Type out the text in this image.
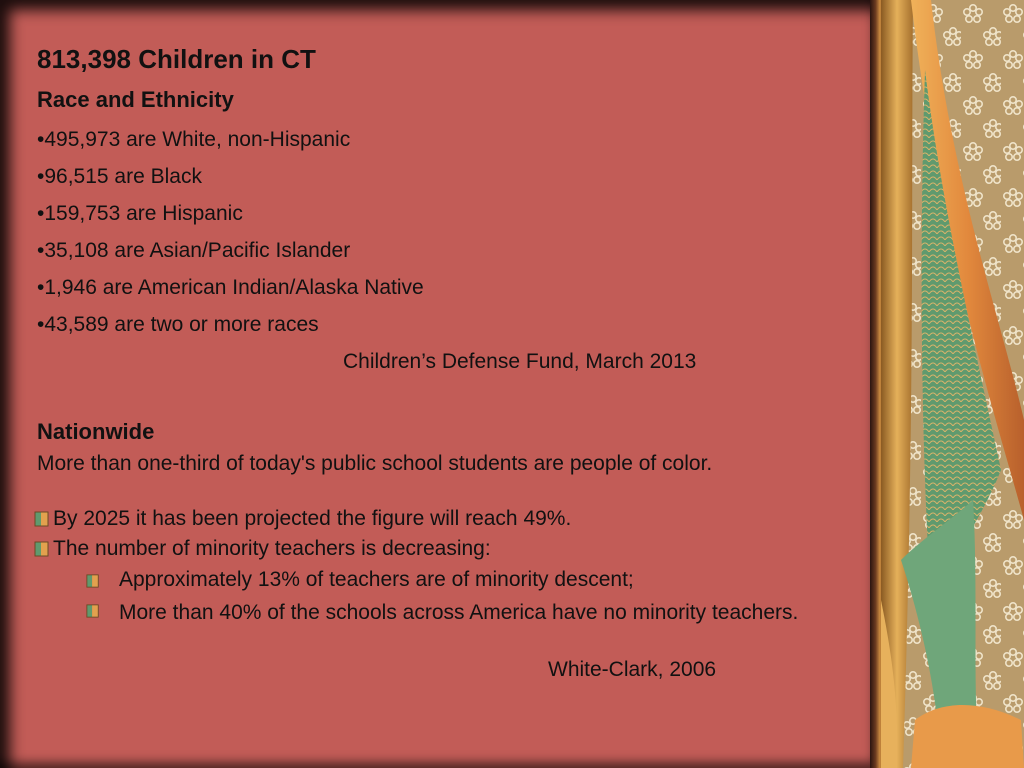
813,398 Children in CT
Race and Ethnicity
•495,973 are White, non-Hispanic
•96,515 are Black
•159,753 are Hispanic
•35,108 are Asian/Pacific Islander
•1,946 are American Indian/Alaska Native
•43,589 are two or more races
Children’s Defense Fund, March 2013
Nationwide
More than one-third of today's public school students are people of color.
By 2025 it has been projected the figure will reach 49%.
The number of minority teachers is decreasing:
Approximately 13% of teachers are of minority descent;
More than 40% of the schools across America have no minority teachers.
White-Clark, 2006
